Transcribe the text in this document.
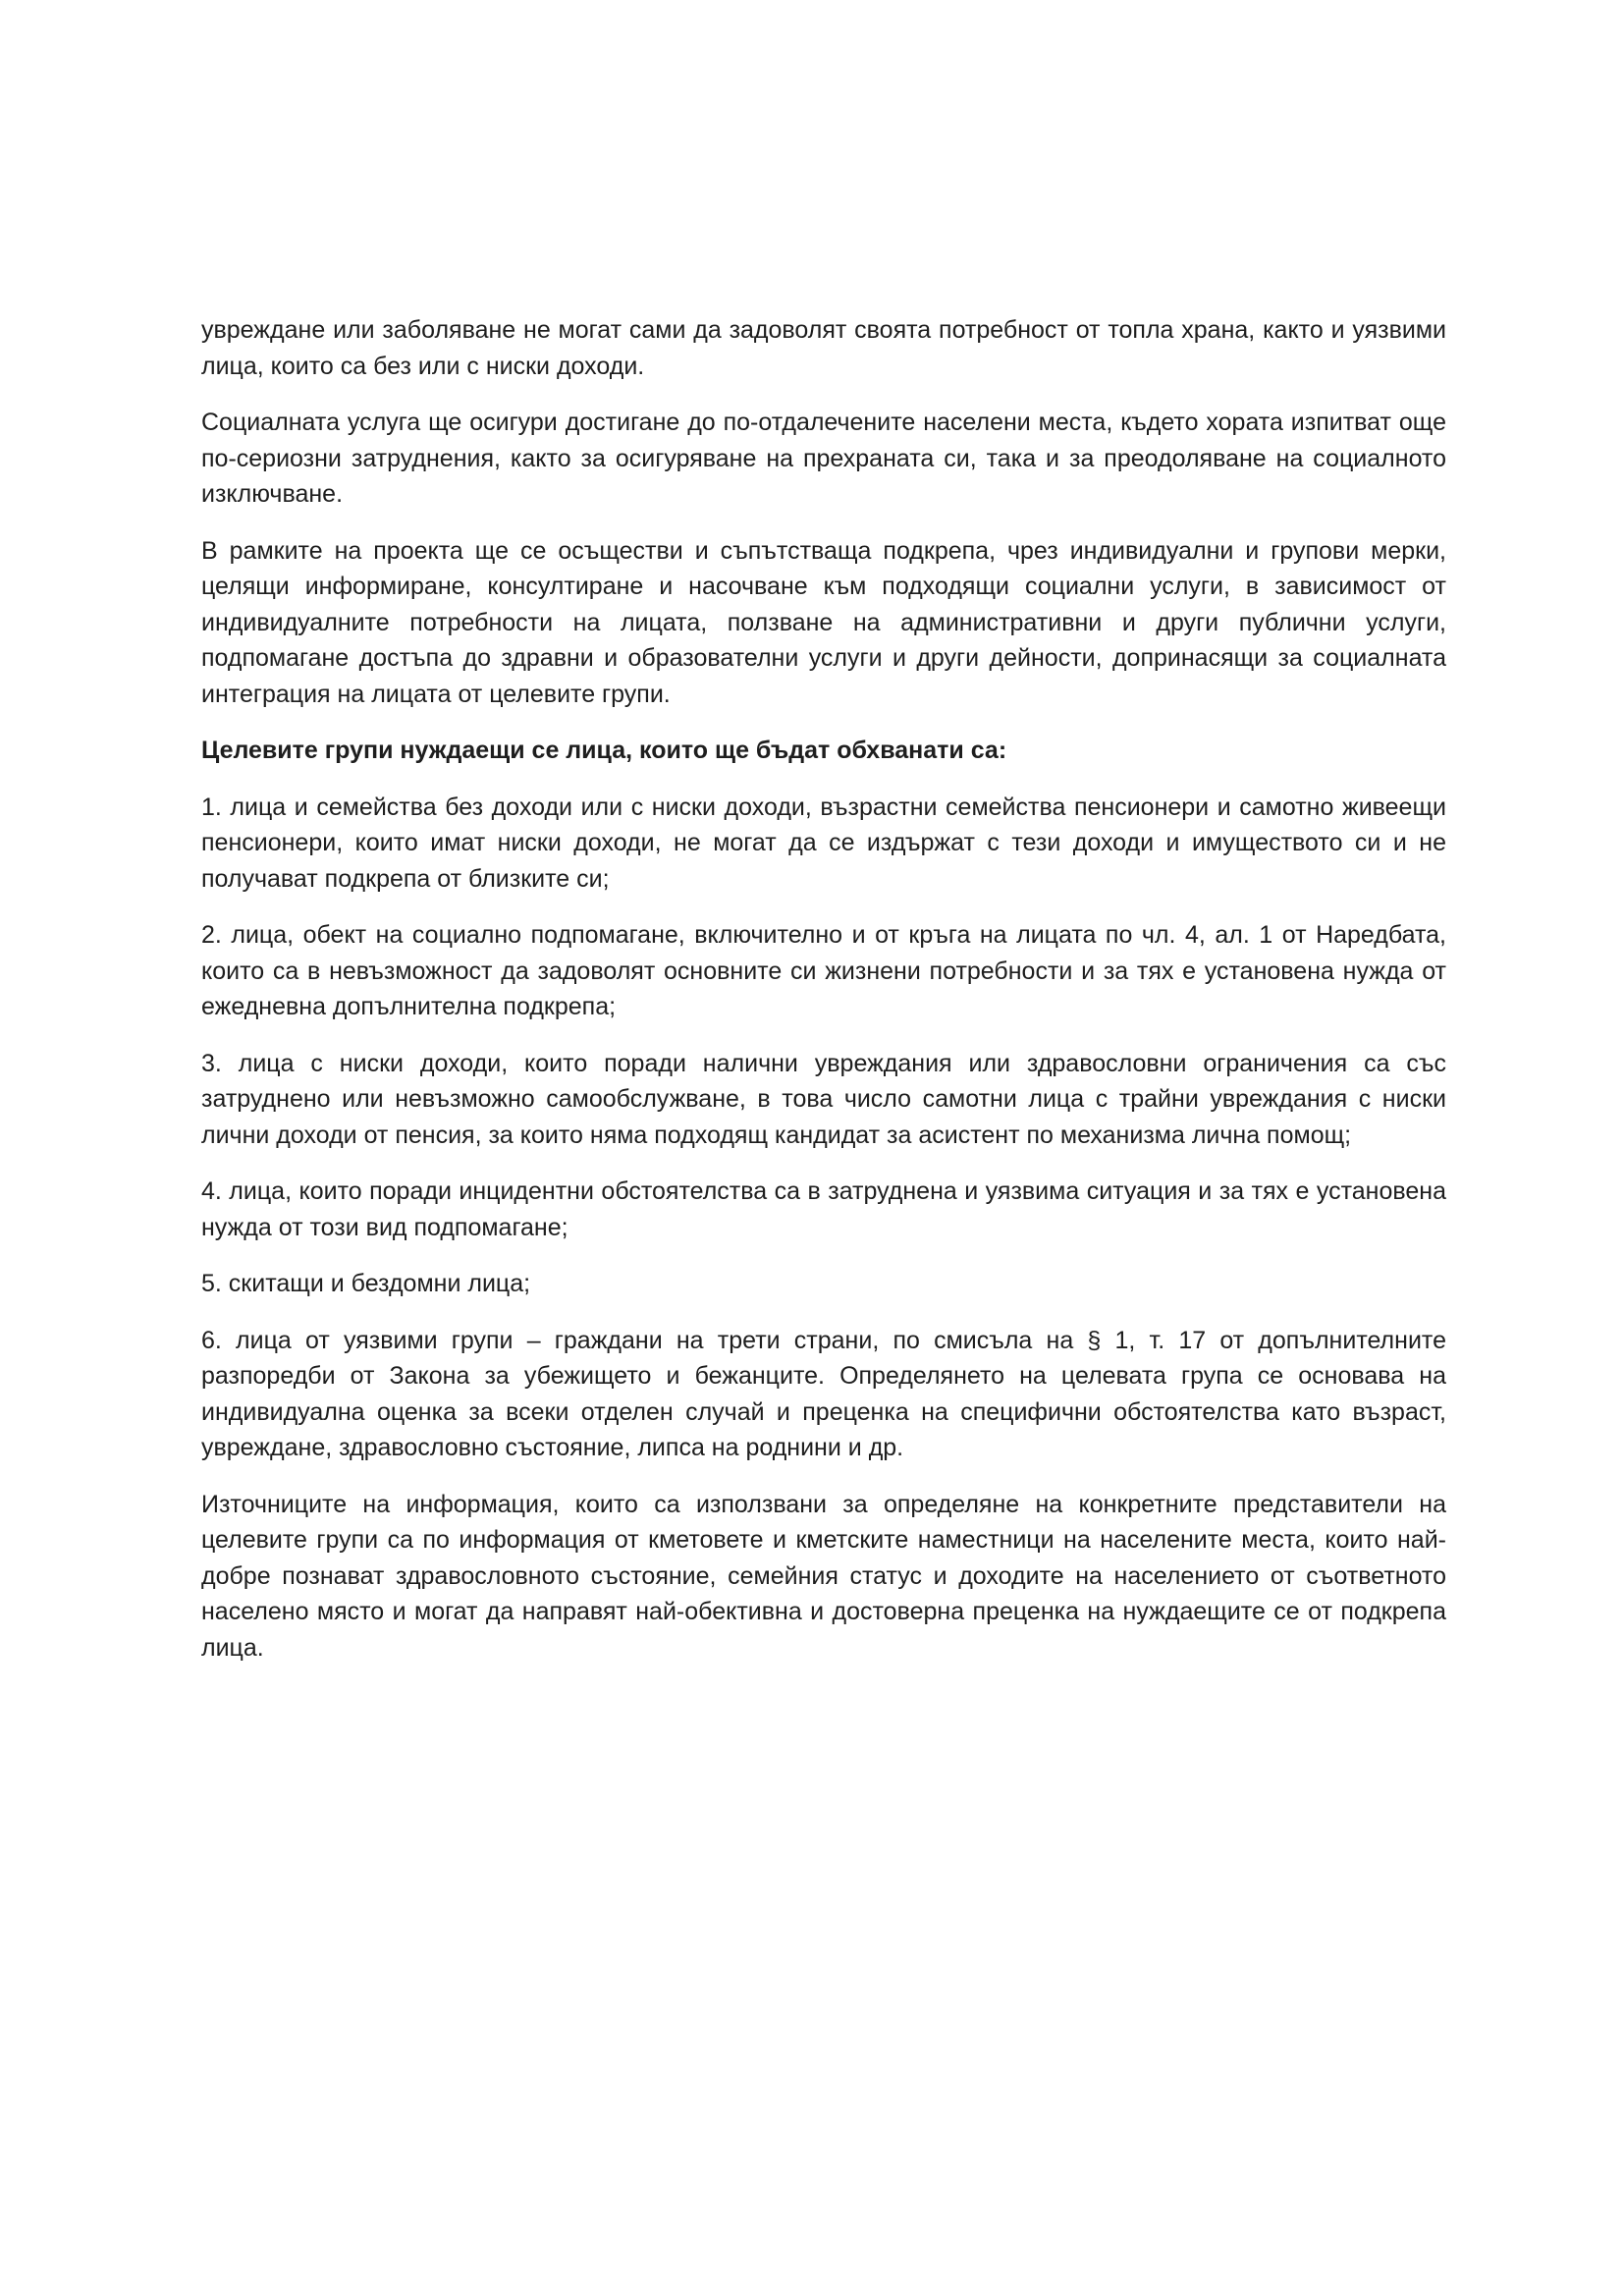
увреждане или заболяване не могат сами да задоволят своята потребност от топла храна, както и уязвими лица, които са без или с ниски доходи.

Социалната услуга ще осигури достигане до по-отдалечените населени места, където хората изпитват още по-сериозни затруднения, както за осигуряване на прехраната си, така и за преодоляване на социалното изключване.

В рамките на проекта ще се осъществи и съпътстваща подкрепа, чрез индивидуални и групови мерки, целящи информиране, консултиране и насочване към подходящи социални услуги, в зависимост от индивидуалните потребности на лицата, ползване на административни и други публични услуги, подпомагане достъпа до здравни и образователни услуги и други дейности, допринасящи за социалната интеграция на лицата от целевите групи.

Целевите групи нуждаещи се лица, които ще бъдат обхванати са:

1. лица и семейства без доходи или с ниски доходи, възрастни семейства пенсионери и самотно живеещи пенсионери, които имат ниски доходи, не могат да се издържат с тези доходи и имуществото си и не получават подкрепа от близките си;

2. лица, обект на социално подпомагане, включително и от кръга на лицата по чл. 4, ал. 1 от Наредбата, които са в невъзможност да задоволят основните си жизнени потребности и за тях е установена нужда от ежедневна допълнителна подкрепа;

3. лица с ниски доходи, които поради налични увреждания или здравословни ограничения са със затруднено или невъзможно самообслужване, в това число самотни лица с трайни увреждания с ниски лични доходи от пенсия, за които няма подходящ кандидат за асистент по механизма лична помощ;

4. лица, които поради инцидентни обстоятелства са в затруднена и уязвима ситуация и за тях е установена нужда от този вид подпомагане;

5. скитащи и бездомни лица;

6. лица от уязвими групи – граждани на трети страни, по смисъла на § 1, т. 17 от допълнителните разпоредби от Закона за убежището и бежанците. Определянето на целевата група се основава на индивидуална оценка за всеки отделен случай и преценка на специфични обстоятелства като възраст, увреждане, здравословно състояние, липса на роднини и др.

Източниците на информация, които са използвани за определяне на конкретните представители на целевите групи са по информация от кметовете и кметските наместници на населените места, които най-добре познават здравословното състояние, семейния статус и доходите на населението от съответното населено място и могат да направят най-обективна и достоверна преценка на нуждаещите се от подкрепа лица.
